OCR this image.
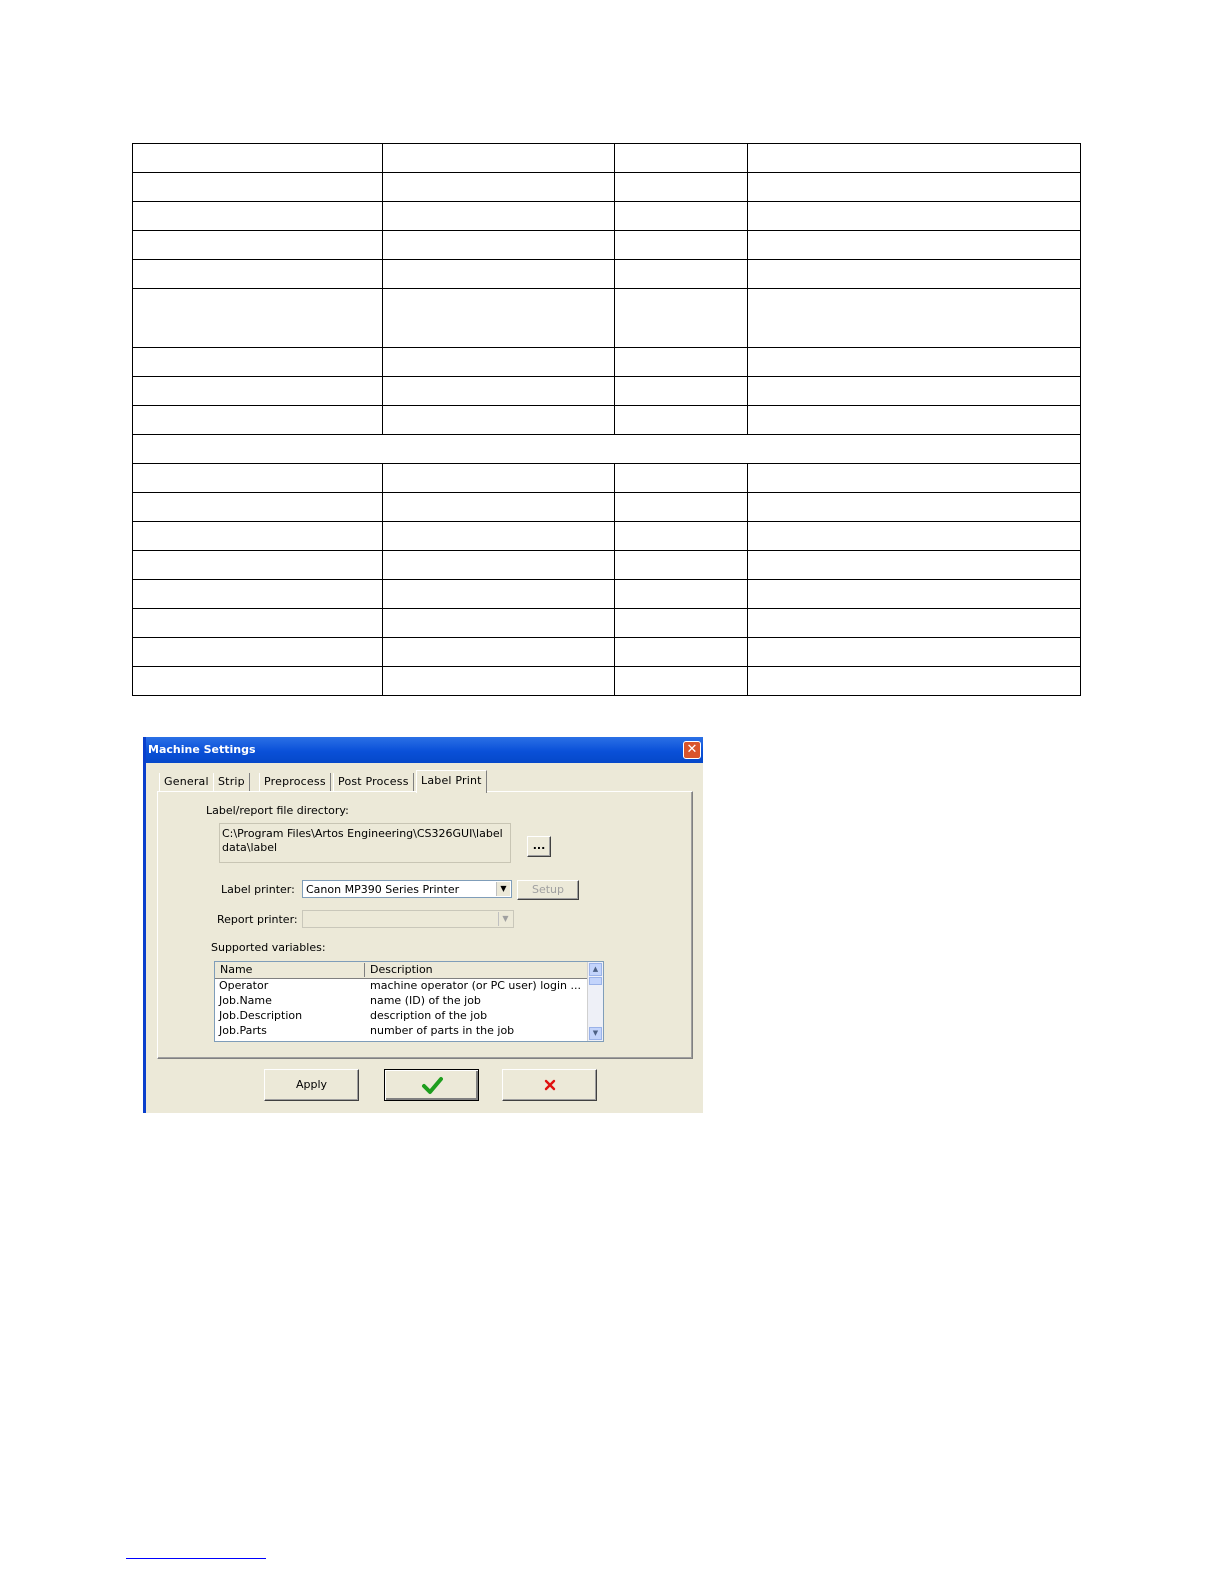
Machine Settings	✕
General Strip	Preprocess	Post Process	Label Print
Label/report file directory:
C:\Program Files\Artos Engineering\CS326GUI\label
data\label	...
Label printer: Canon MP390 Series Printer	▼	Setup
Report printer:	▼
Supported variables:
Name	Description
Operator	machine operator (or PC user) login ...
Job.Name	name (ID) of the job
Job.Description	description of the job
Job.Parts	number of parts in the job
▲
▼
Apply
